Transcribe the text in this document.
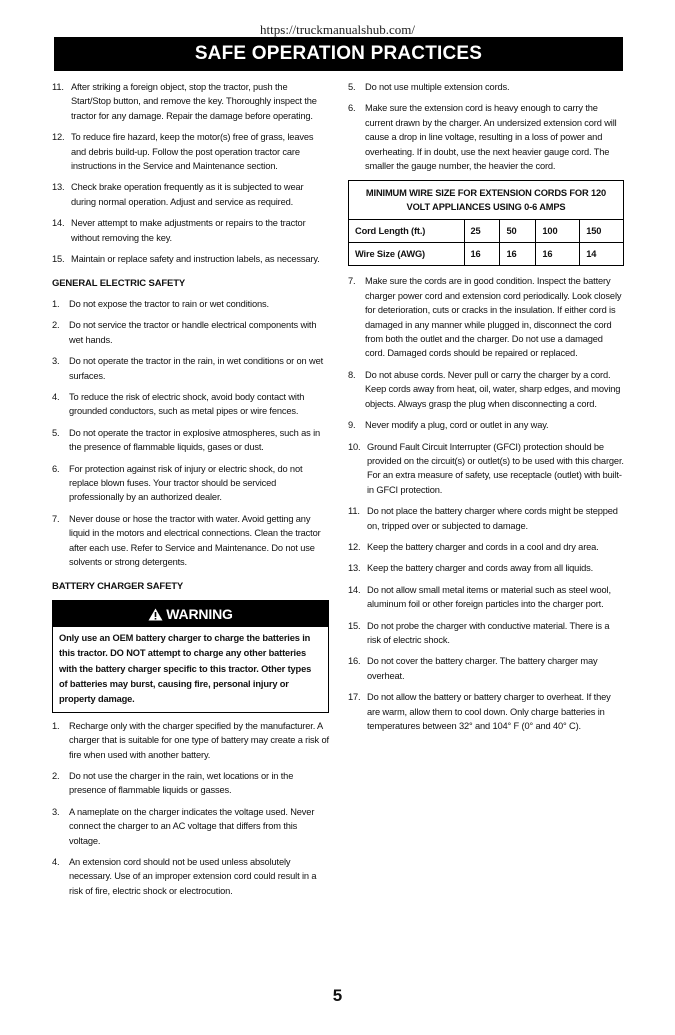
https://truckmanualshub.com/
SAFE OPERATION PRACTICES
11. After striking a foreign object, stop the tractor, push the Start/Stop button, and remove the key. Thoroughly inspect the tractor for any damage. Repair the damage before operating.
12. To reduce fire hazard, keep the motor(s) free of grass, leaves and debris build-up. Follow the post operation tractor care instructions in the Service and Maintenance section.
13. Check brake operation frequently as it is subjected to wear during normal operation. Adjust and service as required.
14. Never attempt to make adjustments or repairs to the tractor without removing the key.
15. Maintain or replace safety and instruction labels, as necessary.
GENERAL ELECTRIC SAFETY
1.	Do not expose the tractor to rain or wet conditions.
2.	Do not service the tractor or handle electrical components with wet hands.
3.	Do not operate the tractor in the rain, in wet conditions or on wet surfaces.
4.	To reduce the risk of electric shock, avoid body contact with grounded conductors, such as metal pipes or wire fences.
5.	Do not operate the tractor in explosive atmospheres, such as in the presence of flammable liquids, gases or dust.
6.	For protection against risk of injury or electric shock, do not replace blown fuses. Your tractor should be serviced professionally by an authorized dealer.
7.	Never douse or hose the tractor with water. Avoid getting any liquid in the motors and electrical connections. Clean the tractor after each use. Refer to Service and Maintenance. Do not use solvents or strong detergents.
BATTERY CHARGER SAFETY
WARNING
Only use an OEM battery charger to charge the batteries in this tractor. DO NOT attempt to charge any other batteries with the battery charger specific to this tractor. Other types of batteries may burst, causing fire, personal injury or property damage.
1.	Recharge only with the charger specified by the manufacturer. A charger that is suitable for one type of battery may create a risk of fire when used with another battery.
2.	Do not use the charger in the rain, wet locations or in the presence of flammable liquids or gasses.
3.	A nameplate on the charger indicates the voltage used. Never connect the charger to an AC voltage that differs from this voltage.
4.	An extension cord should not be used unless absolutely necessary. Use of an improper extension cord could result in a risk of fire, electric shock or electrocution.
5.	Do not use multiple extension cords.
6.	Make sure the extension cord is heavy enough to carry the current drawn by the charger. An undersized extension cord will cause a drop in line voltage, resulting in a loss of power and overheating. If in doubt, use the next heavier gauge cord. The smaller the gauge number, the heavier the cord.
MINIMUM WIRE SIZE FOR EXTENSION CORDS FOR 120 VOLT APPLIANCES USING 0-6 AMPS				
Cord Length (ft.)	25	50	100	150
Wire Size (AWG)	16	16	16	14
7.	Make sure the cords are in good condition. Inspect the battery charger power cord and extension cord periodically. Look closely for deterioration, cuts or cracks in the insulation. If either cord is damaged in any manner while plugged in, disconnect the cord from both the outlet and the charger. Do not use a damaged cord. Damaged cords should be repaired or replaced.
8.	Do not abuse cords. Never pull or carry the charger by a cord. Keep cords away from heat, oil, water, sharp edges, and moving objects. Always grasp the plug when disconnecting a cord.
9.	Never modify a plug, cord or outlet in any way.
10. Ground Fault Circuit Interrupter (GFCI) protection should be provided on the circuit(s) or outlet(s) to be used with this charger. For an extra measure of safety, use receptacle (outlet) with built-in GFCI protection.
11. Do not place the battery charger where cords might be stepped on, tripped over or subjected to damage.
12. Keep the battery charger and cords in a cool and dry area.
13. Keep the battery charger and cords away from all liquids.
14. Do not allow small metal items or material such as steel wool, aluminum foil or other foreign particles into the charger port.
15. Do not probe the charger with conductive material. There is a risk of electric shock.
16. Do not cover the battery charger. The battery charger may overheat.
17. Do not allow the battery or battery charger to overheat. If they are warm, allow them to cool down. Only charge batteries in temperatures between 32° and 104° F (0° and 40° C).
5
